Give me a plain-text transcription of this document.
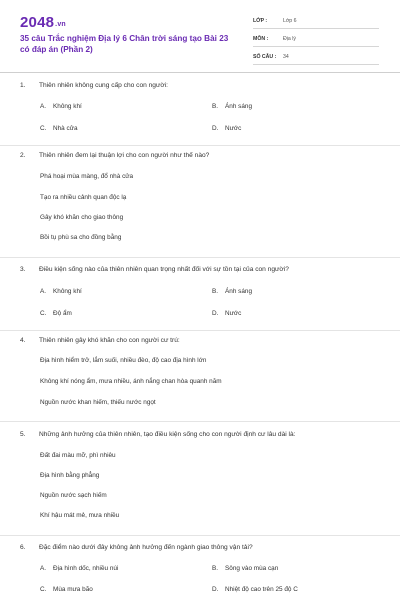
2048.vn
35 câu Trắc nghiệm Địa lý 6 Chân trời sáng tạo Bài 23 có đáp án (Phần 2)
LỚP :	Lớp 6
MÔN :	Địa lý
SỐ CÂU : 34
1. Thiên nhiên không cung cấp cho con người:
A. Không khí	B. Ánh sáng
C. Nhà cửa	D. Nước
2. Thiên nhiên đem lại thuận lợi cho con người như thế nào?
Phá hoại mùa màng, đổ nhà cửa
Tạo ra nhiều cảnh quan độc lạ
Gây khó khăn cho giao thông
Bồi tụ phù sa cho đồng bằng
3. Điều kiện sống nào của thiên nhiên quan trọng nhất đối với sự tồn tại của con người?
A. Không khí	B. Ánh sáng
C. Độ ẩm	D. Nước
4. Thiên nhiên gây khó khăn cho con người cư trú:
Địa hình hiểm trở, lắm suối, nhiều đèo, độ cao địa hình lớn
Không khí nóng ẩm, mưa nhiều, ánh nắng chan hòa quanh năm
Nguồn nước khan hiếm, thiếu nước ngọt
5. Những ảnh hưởng của thiên nhiên, tạo điều kiện sống cho con người định cư lâu dài là:
Đất đai màu mỡ, phì nhiêu
Địa hình bằng phẳng
Nguồn nước sạch hiếm
Khí hậu mát mẻ, mưa nhiều
6. Đặc điểm nào dưới đây không ảnh hưởng đến ngành giao thông vận tải?
A. Địa hình dốc, nhiều núi	B. Sông vào mùa cạn
C. Mùa mưa bão	D. Nhiệt độ cao trên 25 độ C
